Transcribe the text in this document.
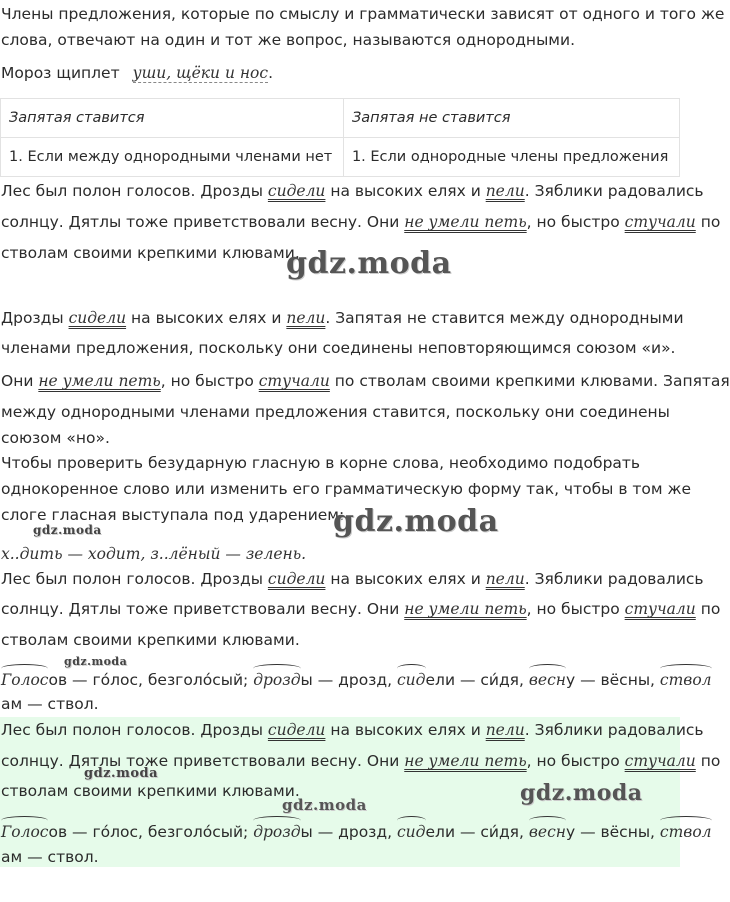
Члены предложения, которые по смыслу и грамматически зависят от одного и того же
слова, отвечают на один и тот же вопрос, называются однородными.
Мороз щиплет уши, щёки и нос.
Запятая ставится	Запятая не ставится
1. Если между однородными членами нет	1. Если однородные члены предложения
Лес был полон голосов. Дрозды сидели на высоких елях и пели. Зяблики радовались
солнцу. Дятлы тоже приветствовали весну. Они не умели петь, но быстро стучали по
стволам своими крепкими клювами.
gdz.moda
Дрозды сидели на высоких елях и пели. Запятая не ставится между однородными
членами предложения, поскольку они соединены неповторяющимся союзом «и».
Они не умели петь, но быстро стучали по стволам своими крепкими клювами. Запятая
между однородными членами предложения ставится, поскольку они соединены
союзом «но».
Чтобы проверить безударную гласную в корне слова, необходимо подобрать
однокоренное слово или изменить его грамматическую форму так, чтобы в том же
слоге гласная выступала под ударением:
gdz.moda
gdz.moda
х..дить — ходит, з..лёный — зелень.
Лес был полон голосов. Дрозды сидели на высоких елях и пели. Зяблики радовались
солнцу. Дятлы тоже приветствовали весну. Они не умели петь, но быстро стучали по
стволам своими крепкими клювами.
gdz.moda
Голосов — го́лос, безголо́сый; дрозды — дрозд, сидели — си́дя, весну — вёсны, ствол
ам — ствол.
Лес был полон голосов. Дрозды сидели на высоких елях и пели. Зяблики радовались
солнцу. Дятлы тоже приветствовали весну. Они не умели петь, но быстро стучали по
gdz.moda
стволам своими крепкими клювами.	gdz.moda
gdz.moda
Голосов — го́лос, безголо́сый; дрозды — дрозд, сидели — си́дя, весну — вёсны, ствол
ам — ствол.
